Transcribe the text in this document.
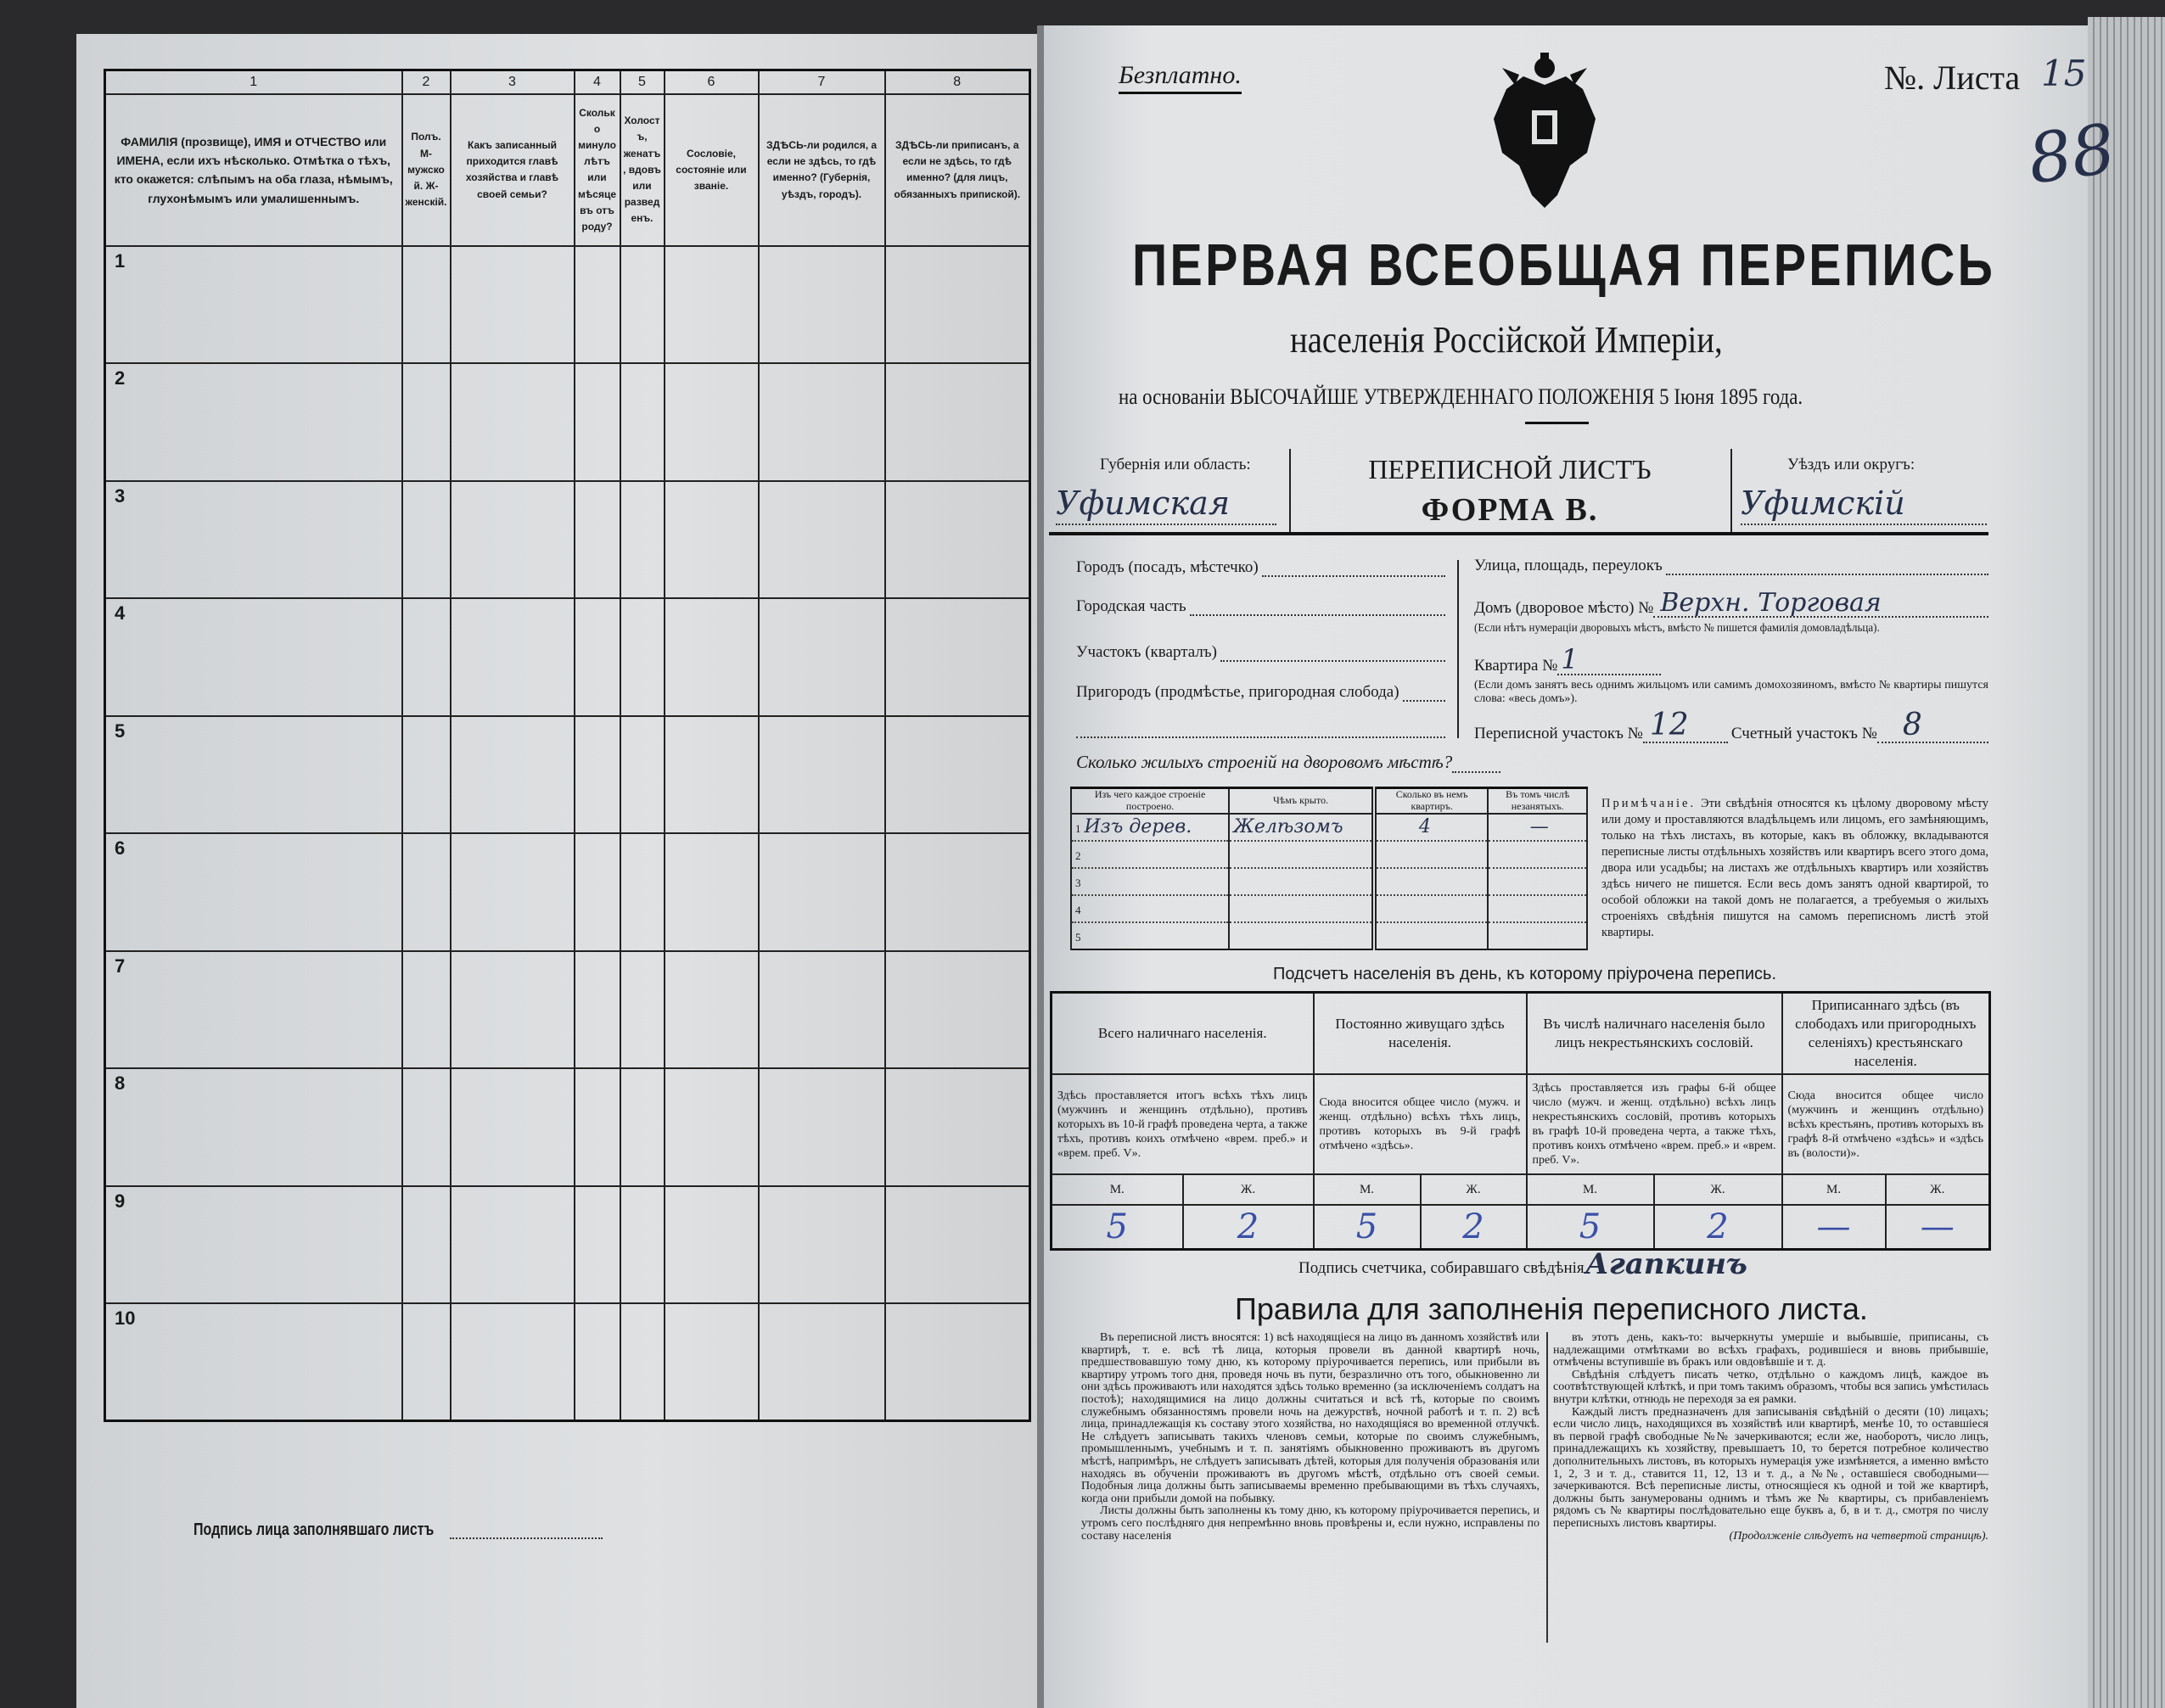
1	2	3	4	5	6	7	8
ФАМИЛІЯ (прозвище), ИМЯ и ОТЧЕСТВО или ИМЕНА, если ихъ нѣсколько. Отмѣтка о тѣхъ, кто окажется: слѣпымъ на оба глаза, нѣмымъ, глухонѣмымъ или умалишеннымъ.	Полъ. М-мужской. Ж-женскій.	Какъ записанный приходится главѣ хозяйства и главѣ своей семьи?	Сколько минуло лѣтъ или мѣсяцевъ отъ роду?	Холостъ, женатъ, вдовъ или разведенъ.	Сословіе, состояніе или званіе.	ЗДѢСЬ-ли родился, а если не здѣсь, то гдѣ именно? (Губернія, уѣздъ, городъ).	ЗДѢСЬ-ли приписанъ, а если не здѣсь, то гдѣ именно? (для лицъ, обязанныхъ припиской).
1							
2							
3							
4							
5							
6							
7							
8							
9							
10							
Подпись лица заполнявшаго листъ
Безплатно.	№. Листа 15
88
ПЕРВАЯ ВСЕОБЩАЯ ПЕРЕПИСЬ
населенія Россійской Имперіи,
на основаніи ВЫСОЧАЙШЕ УТВЕРЖДЕННАГО ПОЛОЖЕНІЯ 5 Іюня 1895 года.
Губернія или область:
Уфимская
ПЕРЕПИСНОЙ ЛИСТЪ
ФОРМА В.
Уѣздъ или округъ:
Уфимскій
Улица, площадь, переулокъ
Домъ (дворовое мѣсто) № Верхн. Торговая
(Если нѣтъ нумераціи дворовыхъ мѣстъ, вмѣсто № пишется фамилія домовладѣльца).
Квартира № 1
(Если домъ занятъ весь однимъ жильцомъ или самимъ домохозяиномъ, вмѣсто № квартиры пишутся слова: «весь домъ»).
Переписной участокъ № 12	Счетный участокъ № 8
Сколько жилыхъ строеній на дворовомъ мѣстѣ?
Изъ чего каждое строеніе построено.	Чѣмъ крыто.	Сколько въ немъ квартиръ.	Въ томъ числѣ незанятыхъ.
1 Изъ дерев.	Желѣзомъ	4	—
2			
3			
4			
5			
Примѣчаніе. Эти свѣдѣнія относятся къ цѣлому дворовому мѣсту или дому и проставляются владѣльцемъ или лицомъ, его замѣняющимъ, только на тѣхъ листахъ, въ которые, какъ въ обложку, вкладываются переписные листы отдѣльныхъ хозяйствъ или квартиръ всего этого дома, двора или усадьбы; на листахъ же отдѣльныхъ квартиръ или хозяйствъ здѣсь ничего не пишется. Если весь домъ занятъ одной квартирой, то особой обложки на такой домъ не полагается, а требуемыя о жилыхъ строеніяхъ свѣдѣнія пишутся на самомъ переписномъ листѣ этой квартиры.
Подсчетъ населенія въ день, къ которому пріурочена перепись.
Всего наличнаго населенія.		Постоянно живущаго здѣсь населенія.		Въ числѣ наличнаго населенія было лицъ некрестьянскихъ сословій.		Приписаннаго здѣсь (въ слободахъ или пригородныхъ селеніяхъ) крестьянскаго населенія.	
Здѣсь проставляется итогъ всѣхъ тѣхъ лицъ (мужчинъ и женщинъ отдѣльно), противъ которыхъ въ 10-й графѣ проведена черта, а также тѣхъ, противъ коихъ отмѣчено «врем. преб.» и «врем. преб. V».		Сюда вносится общее число (мужч. и женщ. отдѣльно) всѣхъ тѣхъ лицъ, противъ которыхъ въ 9-й графѣ отмѣчено «здѣсь».		Здѣсь проставляется изъ графы 6-й общее число (мужч. и женщ. отдѣльно) всѣхъ лицъ некрестьянскихъ сословій, противъ которыхъ въ графѣ 10-й проведена черта, а также тѣхъ, противъ коихъ отмѣчено «врем. преб.» и «врем. преб. V».		Сюда вносится общее число (мужчинъ и женщинъ отдѣльно) всѣхъ крестьянъ, противъ которыхъ въ графѣ 8-й отмѣчено «здѣсь» и «здѣсь въ (волости)».	
М.	Ж.	М.	Ж.	М.	Ж.	М.	Ж.
5	2	5	2	5	2	—	—
Подпись счетчика, собиравшаго свѣдѣнія Агапкинъ
Правила для заполненія переписного листа.

Въ переписной листъ вносятся: 1) всѣ находящіеся на лицо въ данномъ хозяйствѣ или квартирѣ, т. е. всѣ тѣ лица, которыя провели въ данной квартирѣ ночь, предшествовавшую тому дню, къ которому пріурочивается перепись, или прибыли въ квартиру утромъ того дня, проведя ночь въ пути, безразлично отъ того, обыкновенно ли они здѣсь проживаютъ или находятся здѣсь только временно (за исключеніемъ солдатъ на постоѣ); находящимися на лицо должны считаться и всѣ тѣ, которые по своимъ служебнымъ обязанностямъ провели ночь на дежурствѣ, ночной работѣ и т. п. 2) всѣ лица, принадлежащія къ составу этого хозяйства, но находящіяся во временной отлучкѣ. Не слѣдуетъ записывать такихъ членовъ семьи, которые по своимъ служебнымъ, промышленнымъ, учебнымъ и т. п. занятіямъ обыкновенно проживаютъ въ другомъ мѣстѣ, напримѣръ, не слѣдуетъ записывать дѣтей, которыя для полученія образованія или находясь въ обученіи проживаютъ въ другомъ мѣстѣ, отдѣльно отъ своей семьи. Подобныя лица должны быть записываемы временно пребывающими въ тѣхъ случаяхъ, когда они прибыли домой на побывку.

Листы должны быть заполнены къ тому дню, къ которому пріурочивается перепись, и утромъ сего послѣдняго дня непремѣнно вновь провѣрены и, если нужно, исправлены по составу населенія

въ этотъ день, какъ-то: вычеркнуты умершіе и выбывшіе, приписаны, съ надлежащими отмѣтками во всѣхъ графахъ, родившіеся и вновь прибывшіе, отмѣчены вступившіе въ бракъ или овдовѣвшіе и т. д.

Свѣдѣнія слѣдуетъ писать четко, отдѣльно о каждомъ лицѣ, каждое въ соотвѣтствующей клѣткѣ, и при томъ такимъ образомъ, чтобы вся запись умѣстилась внутри клѣтки, отнюдь не переходя за ея рамки.

Каждый листъ предназначенъ для записыванія свѣдѣній о десяти (10) лицахъ; если число лицъ, находящихся въ хозяйствѣ или квартирѣ, менѣе 10, то оставшіеся въ первой графѣ свободные №№ зачеркиваются; если же, наоборотъ, число лицъ, принадлежащихъ къ хозяйству, превышаетъ 10, то берется потребное количество дополнительныхъ листовъ, въ которыхъ нумерація уже измѣняется, а именно вмѣсто 1, 2, 3 и т. д., ставится 11, 12, 13 и т. д., а №№, оставшіеся свободными—зачеркиваются. Всѣ переписные листы, относящіеся къ одной и той же квартирѣ, должны быть занумерованы однимъ и тѣмъ же № квартиры, съ прибавленіемъ рядомъ съ № квартиры послѣдовательно еще буквъ а, б, в и т. д., смотря по числу переписныхъ листовъ квартиры.

(Продолженіе слѣдуетъ на четвертой страницѣ).

Городъ (посадъ, мѣстечко)
Городская часть
Участокъ (кварталъ)
Пригородъ (продмѣстье, пригородная слобода)
